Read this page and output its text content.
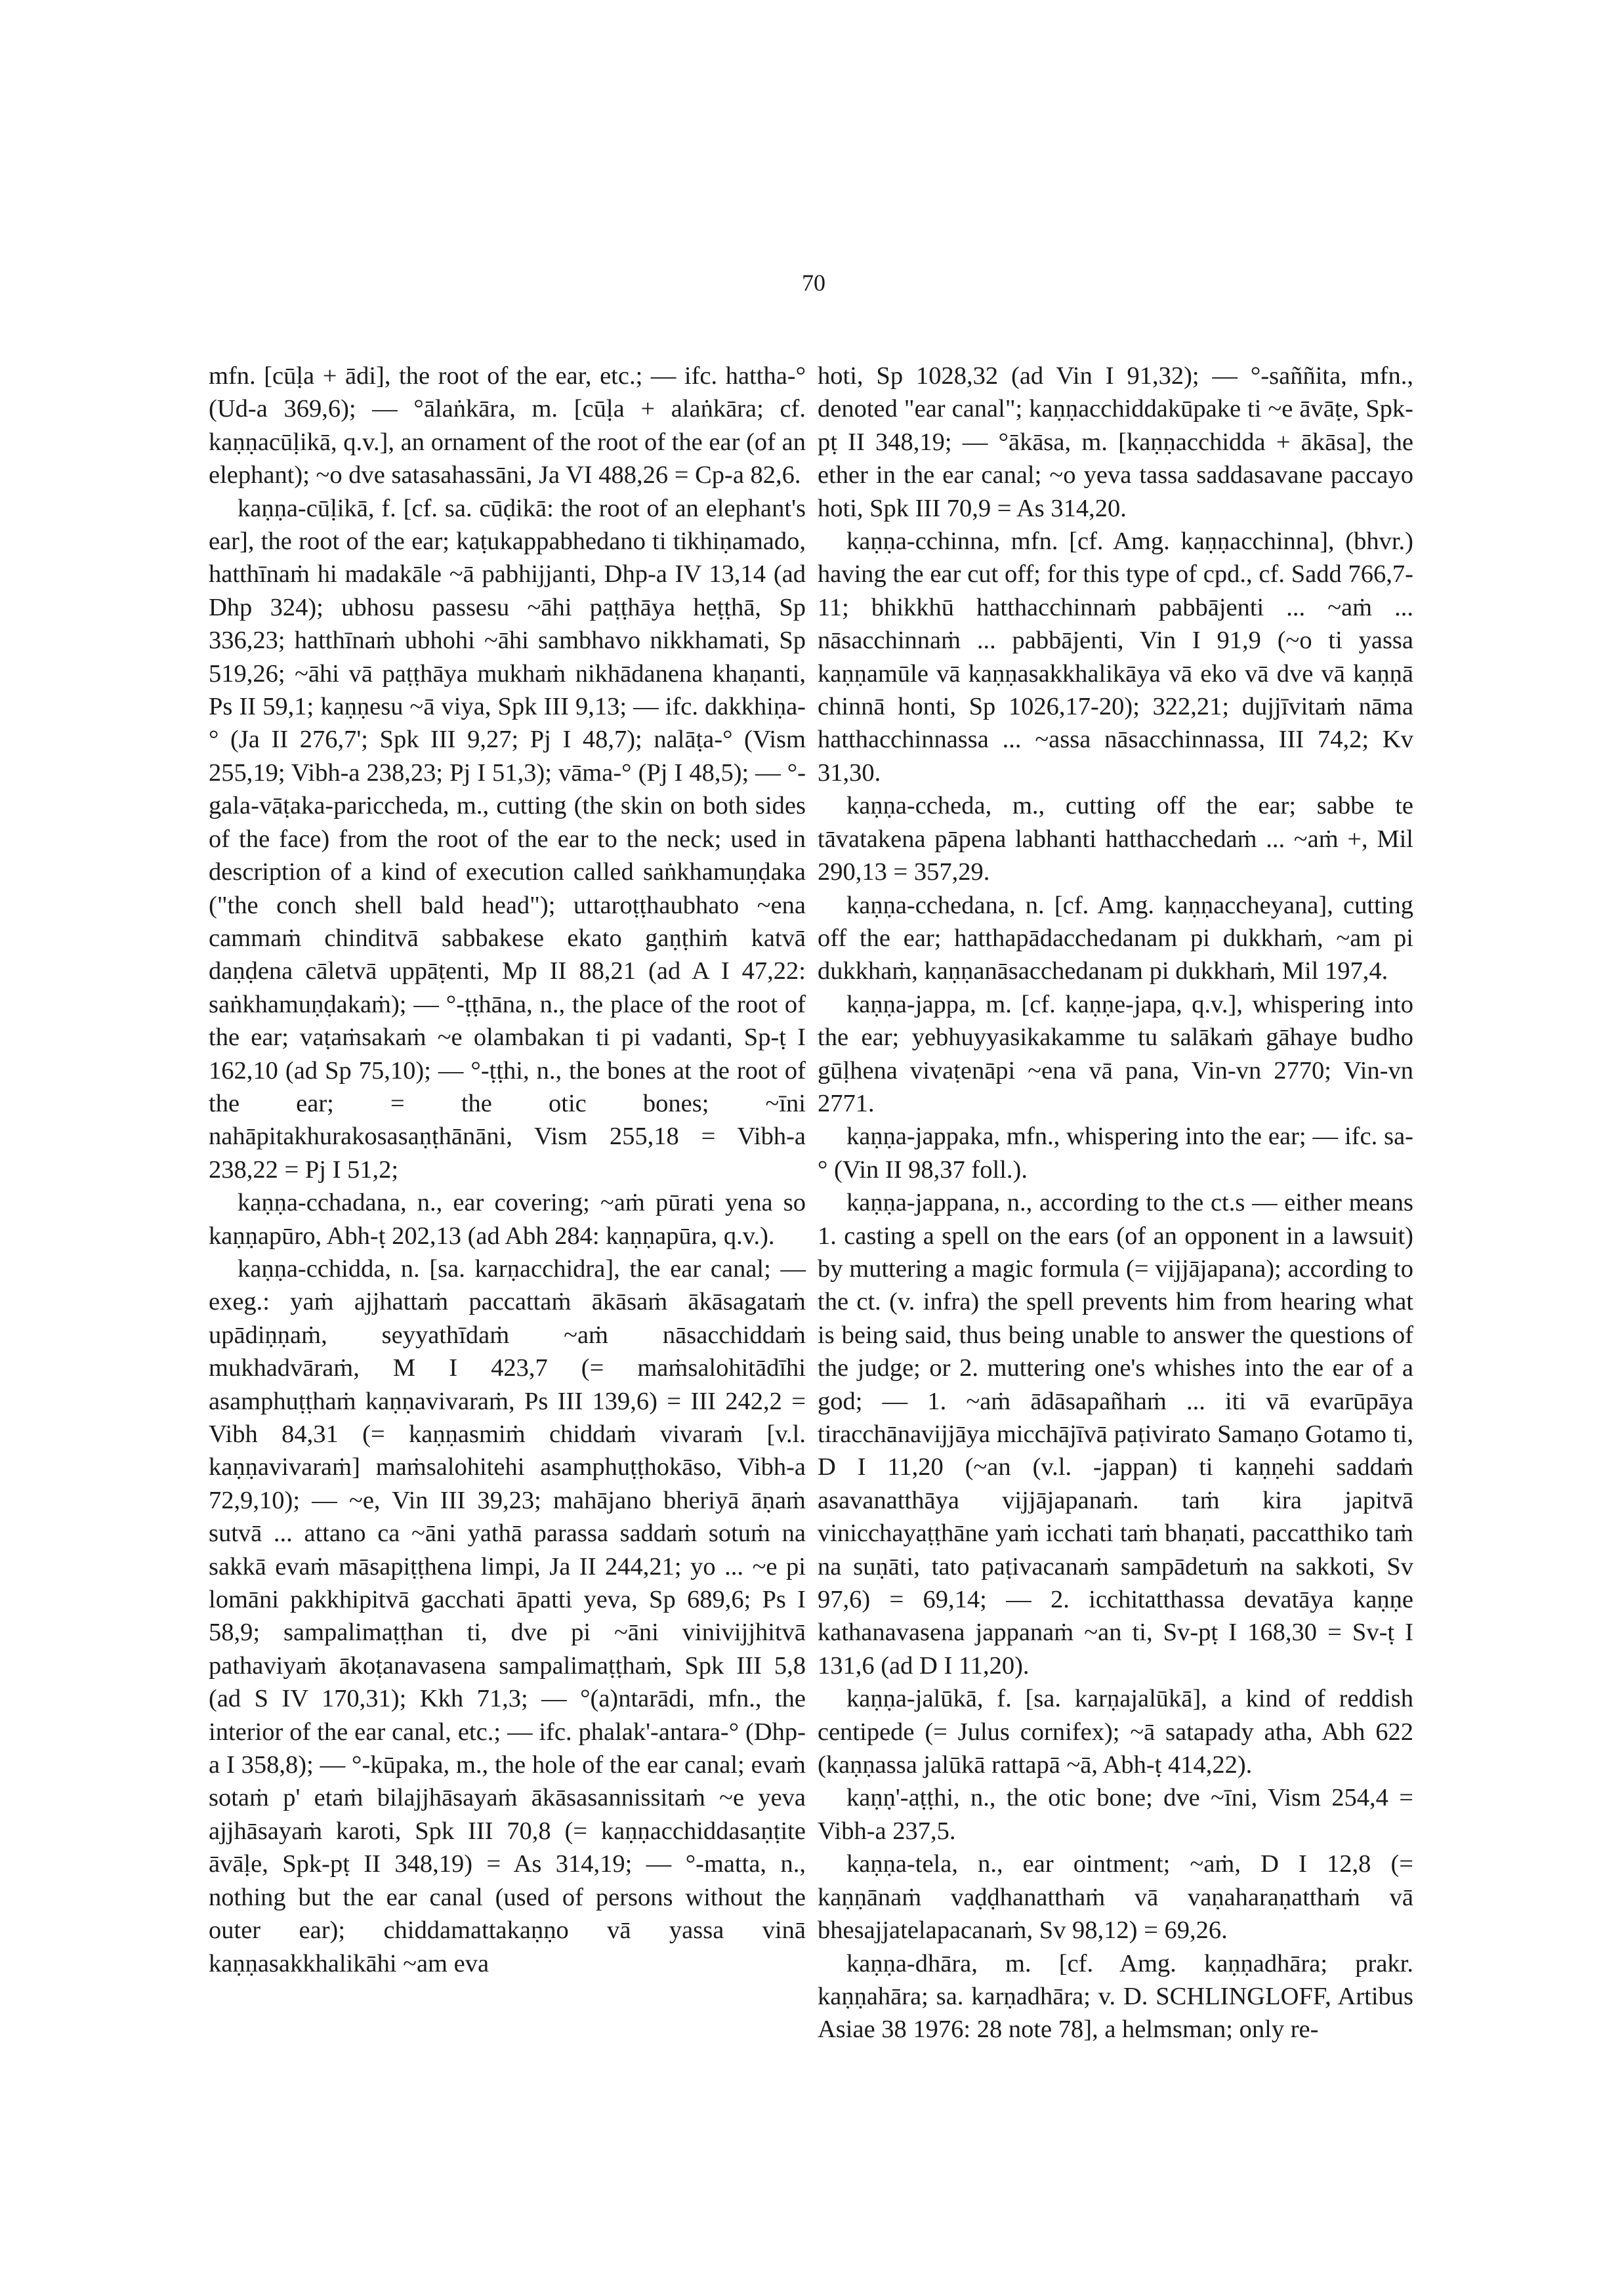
70

mfn. [cūḷa + ādi], the root of the ear, etc.; — ifc. hattha-° (Ud-a 369,6); — °ālaṅkāra, m. [cūḷa + alaṅkāra; cf. kaṇṇacūḷikā, q.v.], an ornament of the root of the ear (of an elephant); ~o dve satasahassāni, Ja VI 488,26 = Cp-a 82,6.

kaṇṇa-cūḷikā, f. [cf. sa. cūḍikā: the root of an elephant's ear], the root of the ear; kaṭukappabhedano ti tikhiṇamado, hatthīnaṁ hi madakāle ~ā pabhijjanti, Dhp-a IV 13,14 (ad Dhp 324); ubhosu passesu ~āhi paṭṭhāya heṭṭhā, Sp 336,23; hatthīnaṁ ubhohi ~āhi sambhavo nikkhamati, Sp 519,26; ~āhi vā paṭṭhāya mukhaṁ nikhādanena khaṇanti, Ps II 59,1; kaṇṇesu ~ā viya, Spk III 9,13; — ifc. dakkhiṇa-° (Ja II 276,7'; Spk III 9,27; Pj I 48,7); nalāṭa-° (Vism 255,19; Vibh-a 238,23; Pj I 51,3); vāma-° (Pj I 48,5); — °-gala-vāṭaka-pariccheda, m., cutting (the skin on both sides of the face) from the root of the ear to the neck; used in description of a kind of execution called saṅkhamuṇḍaka ("the conch shell bald head"); uttaroṭṭhaubhato ~ena cammaṁ chinditvā sabbakese ekato gaṇṭhiṁ katvā daṇḍena cāletvā uppāṭenti, Mp II 88,21 (ad A I 47,22: saṅkhamuṇḍakaṁ); — °-ṭṭhāna, n., the place of the root of the ear; vaṭaṁsakaṁ ~e olambakan ti pi vadanti, Sp-ṭ I 162,10 (ad Sp 75,10); — °-ṭṭhi, n., the bones at the root of the ear; = the otic bones; ~īni nahāpitakhurakosasaṇṭhānāni, Vism 255,18 = Vibh-a 238,22 = Pj I 51,2;

kaṇṇa-cchadana, n., ear covering; ~aṁ pūrati yena so kaṇṇapūro, Abh-ṭ 202,13 (ad Abh 284: kaṇṇapūra, q.v.).

kaṇṇa-cchidda, n. [sa. karṇacchidra], the ear canal; — exeg.: yaṁ ajjhattaṁ paccattaṁ ākāsaṁ ākāsagataṁ upādiṇṇaṁ, seyyathīdaṁ ~aṁ nāsacchiddaṁ mukhadvāraṁ, M I 423,7 (= maṁsalohitādīhi asamphuṭṭhaṁ kaṇṇavivaraṁ, Ps III 139,6) = III 242,2 = Vibh 84,31 (= kaṇṇasmiṁ chiddaṁ vivaraṁ [v.l. kaṇṇavivaraṁ] maṁsalohitehi asamphuṭṭhokāso, Vibh-a 72,9,10); — ~e, Vin III 39,23; mahājano bheriyā āṇaṁ sutvā ... attano ca ~āni yathā parassa saddaṁ sotuṁ na sakkā evaṁ māsapiṭṭhena limpi, Ja II 244,21; yo ... ~e pi lomāni pakkhipitvā gacchati āpatti yeva, Sp 689,6; Ps I 58,9; sampalimaṭṭhan ti, dve pi ~āni vinivijjhitvā pathaviyaṁ ākoṭanavasena sampalimaṭṭhaṁ, Spk III 5,8 (ad S IV 170,31); Kkh 71,3; — °(a)ntarādi, mfn., the interior of the ear canal, etc.; — ifc. phalak'-antara-° (Dhp-a I 358,8); — °-kūpaka, m., the hole of the ear canal; evaṁ sotaṁ p' etaṁ bilajjhāsayaṁ ākāsasannissitaṁ ~e yeva ajjhāsayaṁ karoti, Spk III 70,8 (= kaṇṇacchiddasaṇṭite āvāḷe, Spk-pṭ II 348,19) = As 314,19; — °-matta, n., nothing but the ear canal (used of persons without the outer ear); chiddamattakaṇṇo vā yassa vinā kaṇṇasakkhalikāhi ~am eva

hoti, Sp 1028,32 (ad Vin I 91,32); — °-saññita, mfn., denoted "ear canal"; kaṇṇacchiddakūpake ti ~e āvāṭe, Spk-pṭ II 348,19; — °ākāsa, m. [kaṇṇacchidda + ākāsa], the ether in the ear canal; ~o yeva tassa saddasavane paccayo hoti, Spk III 70,9 = As 314,20.

kaṇṇa-cchinna, mfn. [cf. Amg. kaṇṇacchinna], (bhvr.) having the ear cut off; for this type of cpd., cf. Sadd 766,7-11; bhikkhū hatthacchinnaṁ pabbājenti ... ~aṁ ... nāsacchinnaṁ ... pabbājenti, Vin I 91,9 (~o ti yassa kaṇṇamūle vā kaṇṇasakkhalikāya vā eko vā dve vā kaṇṇā chinnā honti, Sp 1026,17-20); 322,21; dujjīvitaṁ nāma hatthacchinnassa ... ~assa nāsacchinnassa, III 74,2; Kv 31,30.

kaṇṇa-ccheda, m., cutting off the ear; sabbe te tāvatakena pāpena labhanti hatthacchedaṁ ... ~aṁ +, Mil 290,13 = 357,29.

kaṇṇa-cchedana, n. [cf. Amg. kaṇṇaccheyana], cutting off the ear; hatthapādacchedanam pi dukkhaṁ, ~am pi dukkhaṁ, kaṇṇanāsacchedanam pi dukkhaṁ, Mil 197,4.

kaṇṇa-jappa, m. [cf. kaṇṇe-japa, q.v.], whispering into the ear; yebhuyyasikakamme tu salākaṁ gāhaye budho gūḷhena vivaṭenāpi ~ena vā pana, Vin-vn 2770; Vin-vn 2771.

kaṇṇa-jappaka, mfn., whispering into the ear; — ifc. sa-° (Vin II 98,37 foll.).

kaṇṇa-jappana, n., according to the ct.s — either means 1. casting a spell on the ears (of an opponent in a lawsuit) by muttering a magic formula (= vijjājapana); according to the ct. (v. infra) the spell prevents him from hearing what is being said, thus being unable to answer the questions of the judge; or 2. muttering one's whishes into the ear of a god; — 1. ~aṁ ādāsapañhaṁ ... iti vā evarūpāya tiracchānavijjāya micchājīvā paṭivirato Samaṇo Gotamo ti, D I 11,20 (~an (v.l. -jappan) ti kaṇṇehi saddaṁ asavanatthāya vijjājapanaṁ. taṁ kira japitvā vinicchayaṭṭhāne yaṁ icchati taṁ bhaṇati, paccatthiko taṁ na suṇāti, tato paṭivacanaṁ sampādetuṁ na sakkoti, Sv 97,6) = 69,14; — 2. icchitatthassa devatāya kaṇṇe kathanavasena jappanaṁ ~an ti, Sv-pṭ I 168,30 = Sv-ṭ I 131,6 (ad D I 11,20).

kaṇṇa-jalūkā, f. [sa. karṇajalūkā], a kind of reddish centipede (= Julus cornifex); ~ā satapady atha, Abh 622 (kaṇṇassa jalūkā rattapā ~ā, Abh-ṭ 414,22).

kaṇṇ'-aṭṭhi, n., the otic bone; dve ~īni, Vism 254,4 = Vibh-a 237,5.

kaṇṇa-tela, n., ear ointment; ~aṁ, D I 12,8 (= kaṇṇānaṁ vaḍḍhanatthaṁ vā vaṇaharaṇatthaṁ vā bhesajjatelapacanaṁ, Sv 98,12) = 69,26.

kaṇṇa-dhāra, m. [cf. Amg. kaṇṇadhāra; prakr. kaṇṇahāra; sa. karṇadhāra; v. D. SCHLINGLOFF, Artibus Asiae 38 1976: 28 note 78], a helmsman; only re-
